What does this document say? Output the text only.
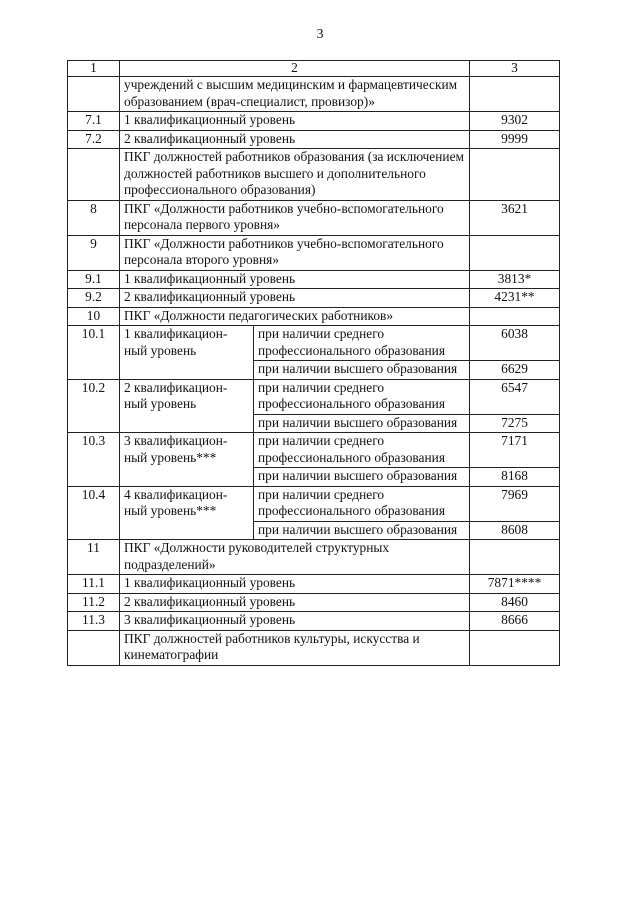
3
1	2		3
	учреждений с высшим медицинским и фармацевтическим образованием (врач-специалист, провизор)»		
7.1	1 квалификационный уровень		9302
7.2	2 квалификационный уровень		9999
	ПКГ должностей работников образования (за исключением должностей работников высшего и дополнительного профессионального образования)		
8	ПКГ «Должности работников учебно-вспомогательного персонала первого уровня»		3621
9	ПКГ «Должности работников учебно-вспомогательного персонала второго уровня»		
9.1	1 квалификационный уровень		3813*
9.2	2 квалификационный уровень		4231**
10	ПКГ «Должности педагогических работников»		
10.1	1 квалификацион-ный уровень	при наличии среднего профессионального образования	6038
		при наличии высшего образования	6629
10.2	2 квалификацион-ный уровень	при наличии среднего профессионального образования	6547
		при наличии высшего образования	7275
10.3	3 квалификацион-ный уровень***	при наличии среднего профессионального образования	7171
		при наличии высшего образования	8168
10.4	4 квалификацион-ный уровень***	при наличии среднего профессионального образования	7969
		при наличии высшего образования	8608
11	ПКГ «Должности руководителей структурных подразделений»		
11.1	1 квалификационный уровень		7871****
11.2	2 квалификационный уровень		8460
11.3	3 квалификационный уровень		8666
	ПКГ должностей работников культуры, искусства и кинематографии		
